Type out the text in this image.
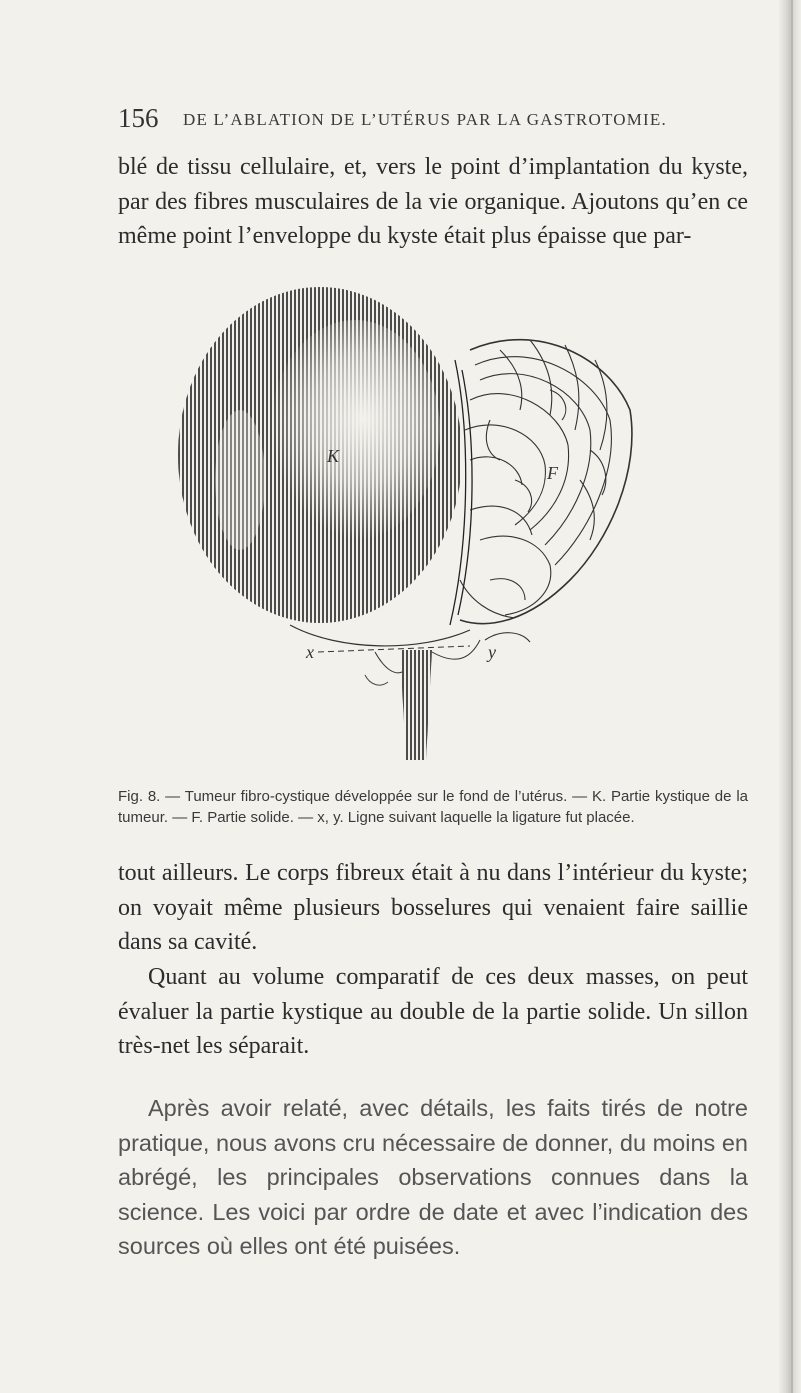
156 DE L’ABLATION DE L’UTÉRUS PAR LA GASTROTOMIE.

blé de tissu cellulaire, et, vers le point d’implantation du kyste, par des fibres musculaires de la vie organique. Ajoutons qu’en ce même point l’enveloppe du kyste était plus épaisse que par-

K
F
x	y

Fig. 8. — Tumeur fibro-cystique développée sur le fond de l’utérus. — K. Partie kystique de la tumeur. — F. Partie solide. — x, y. Ligne suivant laquelle la ligature fut placée.

tout ailleurs. Le corps fibreux était à nu dans l’intérieur du kyste; on voyait même plusieurs bosselures qui venaient faire saillie dans sa cavité.

Quant au volume comparatif de ces deux masses, on peut évaluer la partie kystique au double de la partie solide. Un sillon très-net les séparait.

Après avoir relaté, avec détails, les faits tirés de notre pratique, nous avons cru nécessaire de donner, du moins en abrégé, les principales observations connues dans la science. Les voici par ordre de date et avec l’indication des sources où elles ont été puisées.
